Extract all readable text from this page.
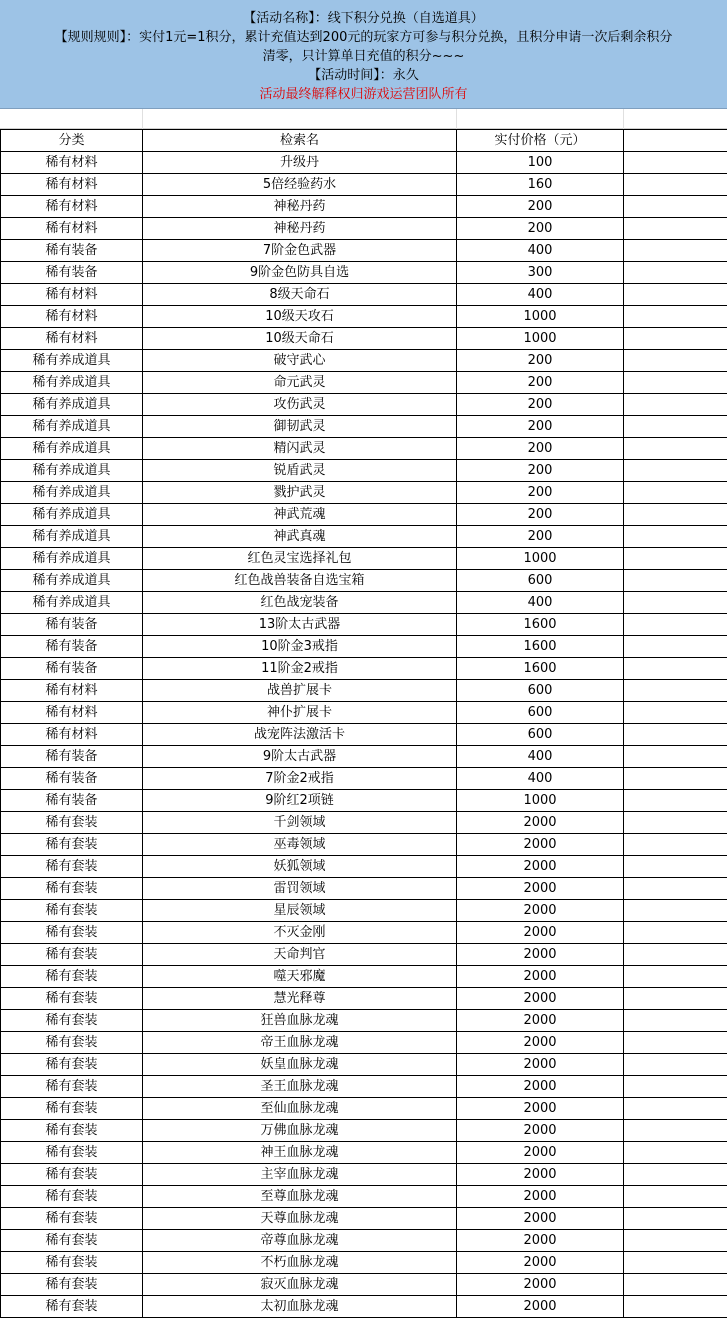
【活动名称】：线下积分兑换（自选道具）
【规则规则】：实付1元=1积分，累计充值达到200元的玩家方可参与积分兑换，且积分申请一次后剩余积分
清零，只计算单日充值的积分~~~
【活动时间】：永久
活动最终解释权归游戏运营团队所有
分类	检索名	实付价格（元）	
稀有材料	升级丹	100	
稀有材料	5倍经验药水	160	
稀有材料	神秘丹药	200	
稀有材料	神秘丹药	200	
稀有装备	7阶金色武器	400	
稀有装备	9阶金色防具自选	300	
稀有材料	8级天命石	400	
稀有材料	10级天攻石	1000	
稀有材料	10级天命石	1000	
稀有养成道具	破守武心	200	
稀有养成道具	命元武灵	200	
稀有养成道具	攻伤武灵	200	
稀有养成道具	御韧武灵	200	
稀有养成道具	精闪武灵	200	
稀有养成道具	锐盾武灵	200	
稀有养成道具	戮护武灵	200	
稀有养成道具	神武荒魂	200	
稀有养成道具	神武真魂	200	
稀有养成道具	红色灵宝选择礼包	1000	
稀有养成道具	红色战兽装备自选宝箱	600	
稀有养成道具	红色战宠装备	400	
稀有装备	13阶太古武器	1600	
稀有装备	10阶金3戒指	1600	
稀有装备	11阶金2戒指	1600	
稀有材料	战兽扩展卡	600	
稀有材料	神仆扩展卡	600	
稀有材料	战宠阵法激活卡	600	
稀有装备	9阶太古武器	400	
稀有装备	7阶金2戒指	400	
稀有装备	9阶红2项链	1000	
稀有套装	千剑领域	2000	
稀有套装	巫毒领域	2000	
稀有套装	妖狐领域	2000	
稀有套装	雷罚领域	2000	
稀有套装	星辰领域	2000	
稀有套装	不灭金刚	2000	
稀有套装	天命判官	2000	
稀有套装	噬天邪魔	2000	
稀有套装	慧光释尊	2000	
稀有套装	狂兽血脉龙魂	2000	
稀有套装	帝王血脉龙魂	2000	
稀有套装	妖皇血脉龙魂	2000	
稀有套装	圣王血脉龙魂	2000	
稀有套装	至仙血脉龙魂	2000	
稀有套装	万佛血脉龙魂	2000	
稀有套装	神王血脉龙魂	2000	
稀有套装	主宰血脉龙魂	2000	
稀有套装	至尊血脉龙魂	2000	
稀有套装	天尊血脉龙魂	2000	
稀有套装	帝尊血脉龙魂	2000	
稀有套装	不朽血脉龙魂	2000	
稀有套装	寂灭血脉龙魂	2000	
稀有套装	太初血脉龙魂	2000	
